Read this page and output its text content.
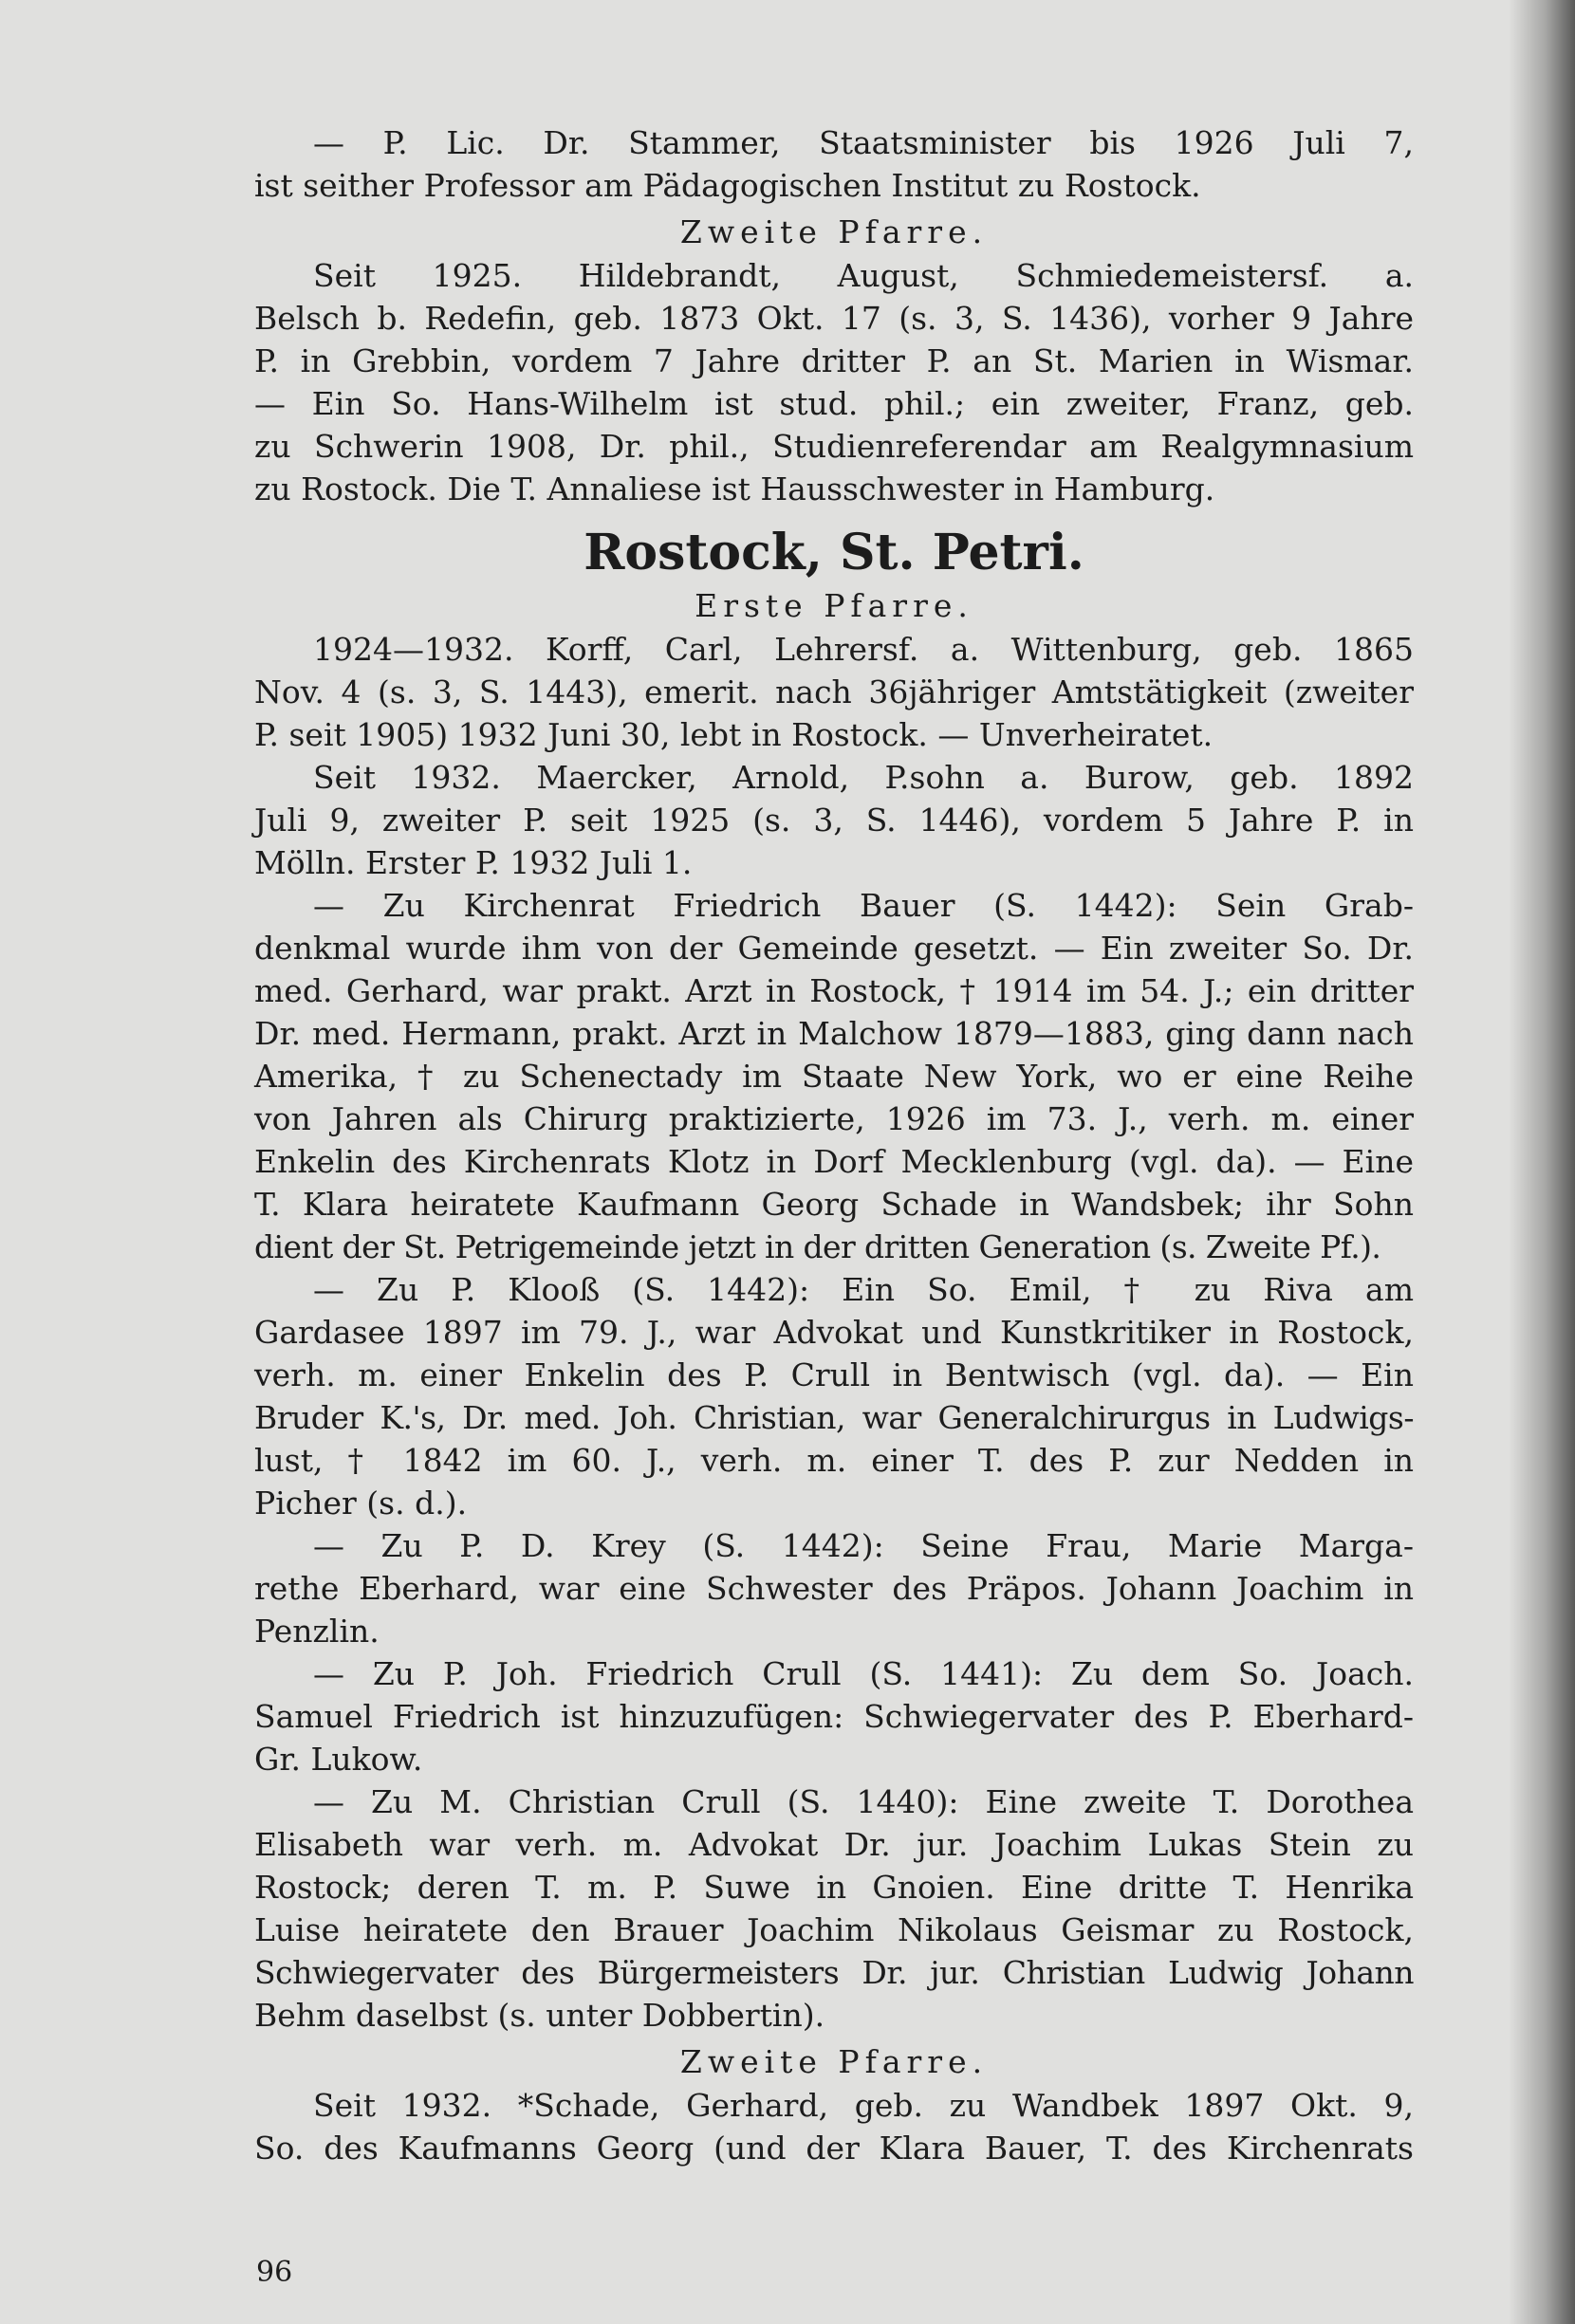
— P. Lic. Dr. Stammer, Staatsminister bis 1926 Juli 7,
ist seither Professor am Pädagogischen Institut zu Rostock.
Zweite Pfarre.
Seit 1925. Hildebrandt, August, Schmiedemeistersf. a.
Belsch b. Redefin, geb. 1873 Okt. 17 (s. 3, S. 1436), vorher 9 Jahre
P. in Grebbin, vordem 7 Jahre dritter P. an St. Marien in Wismar.
— Ein So. Hans-Wilhelm ist stud. phil.; ein zweiter, Franz, geb.
zu Schwerin 1908, Dr. phil., Studienreferendar am Realgymnasium
zu Rostock. Die T. Annaliese ist Hausschwester in Hamburg.
Rostock, St. Petri.
Erste Pfarre.
1924—1932. Korff, Carl, Lehrersf. a. Wittenburg, geb. 1865
Nov. 4 (s. 3, S. 1443), emerit. nach 36jähriger Amtstätigkeit (zweiter
P. seit 1905) 1932 Juni 30, lebt in Rostock. — Unverheiratet.
Seit 1932. Maercker, Arnold, P.sohn a. Burow, geb. 1892
Juli 9, zweiter P. seit 1925 (s. 3, S. 1446), vordem 5 Jahre P. in
Mölln. Erster P. 1932 Juli 1.
— Zu Kirchenrat Friedrich Bauer (S. 1442): Sein Grab-
denkmal wurde ihm von der Gemeinde gesetzt. — Ein zweiter So. Dr.
med. Gerhard, war prakt. Arzt in Rostock, † 1914 im 54. J.; ein dritter
Dr. med. Hermann, prakt. Arzt in Malchow 1879—1883, ging dann nach
Amerika, † zu Schenectady im Staate New York, wo er eine Reihe
von Jahren als Chirurg praktizierte, 1926 im 73. J., verh. m. einer
Enkelin des Kirchenrats Klotz in Dorf Mecklenburg (vgl. da). — Eine
T. Klara heiratete Kaufmann Georg Schade in Wandsbek; ihr Sohn
dient der St. Petrigemeinde jetzt in der dritten Generation (s. Zweite Pf.).
— Zu P. Klooß (S. 1442): Ein So. Emil, † zu Riva am
Gardasee 1897 im 79. J., war Advokat und Kunstkritiker in Rostock,
verh. m. einer Enkelin des P. Crull in Bentwisch (vgl. da). — Ein
Bruder K.'s, Dr. med. Joh. Christian, war Generalchirurgus in Ludwigs-
lust, † 1842 im 60. J., verh. m. einer T. des P. zur Nedden in
Picher (s. d.).
— Zu P. D. Krey (S. 1442): Seine Frau, Marie Marga-
rethe Eberhard, war eine Schwester des Präpos. Johann Joachim in
Penzlin.
— Zu P. Joh. Friedrich Crull (S. 1441): Zu dem So. Joach.
Samuel Friedrich ist hinzuzufügen: Schwiegervater des P. Eberhard-
Gr. Lukow.
— Zu M. Christian Crull (S. 1440): Eine zweite T. Dorothea
Elisabeth war verh. m. Advokat Dr. jur. Joachim Lukas Stein zu
Rostock; deren T. m. P. Suwe in Gnoien. Eine dritte T. Henrika
Luise heiratete den Brauer Joachim Nikolaus Geismar zu Rostock,
Schwiegervater des Bürgermeisters Dr. jur. Christian Ludwig Johann
Behm daselbst (s. unter Dobbertin).
Zweite Pfarre.
Seit 1932. *Schade, Gerhard, geb. zu Wandbek 1897 Okt. 9,
So. des Kaufmanns Georg (und der Klara Bauer, T. des Kirchenrats
96
